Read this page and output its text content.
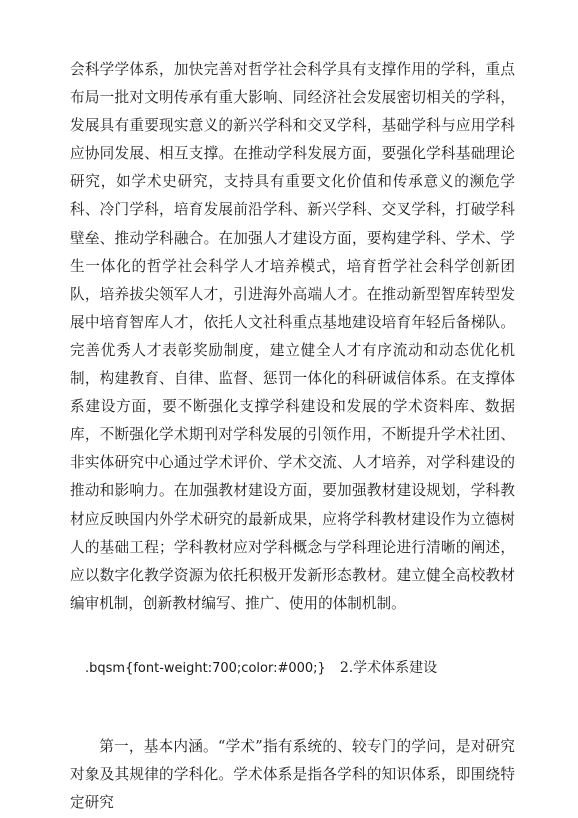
会科学学体系，加快完善对哲学社会科学具有支撑作用的学科，重点布局一批对文明传承有重大影响、同经济社会发展密切相关的学科，发展具有重要现实意义的新兴学科和交叉学科，基础学科与应用学科应协同发展、相互支撑。在推动学科发展方面，要强化学科基础理论研究，如学术史研究，支持具有重要文化价值和传承意义的濒危学科、冷门学科，培育发展前沿学科、新兴学科、交叉学科，打破学科壁垒、推动学科融合。在加强人才建设方面，要构建学科、学术、学生一体化的哲学社会科学人才培养模式，培育哲学社会科学创新团队，培养拔尖领军人才，引进海外高端人才。在推动新型智库转型发展中培育智库人才，依托人文社科重点基地建设培育年轻后备梯队。完善优秀人才表彰奖励制度，建立健全人才有序流动和动态优化机制，构建教育、自律、监督、惩罚一体化的科研诚信体系。在支撑体系建设方面，要不断强化支撑学科建设和发展的学术资料库、数据库，不断强化学术期刊对学科发展的引领作用，不断提升学术社团、非实体研究中心通过学术评价、学术交流、人才培养，对学科建设的推动和影响力。在加强教材建设方面，要加强教材建设规划，学科教材应反映国内外学术研究的最新成果，应将学科教材建设作为立德树人的基础工程；学科教材应对学科概念与学科理论进行清晰的阐述，应以数字化教学资源为依托积极开发新形态教材。建立健全高校教材编审机制，创新教材编写、推广、使用的体制机制。

.bqsm{font-weight:700;color:#000;} 2.学术体系建设

第一，基本内涵。“学术”指有系统的、较专门的学问，是对研究对象及其规律的学科化。学术体系是指各学科的知识体系，即围绕特定研究
